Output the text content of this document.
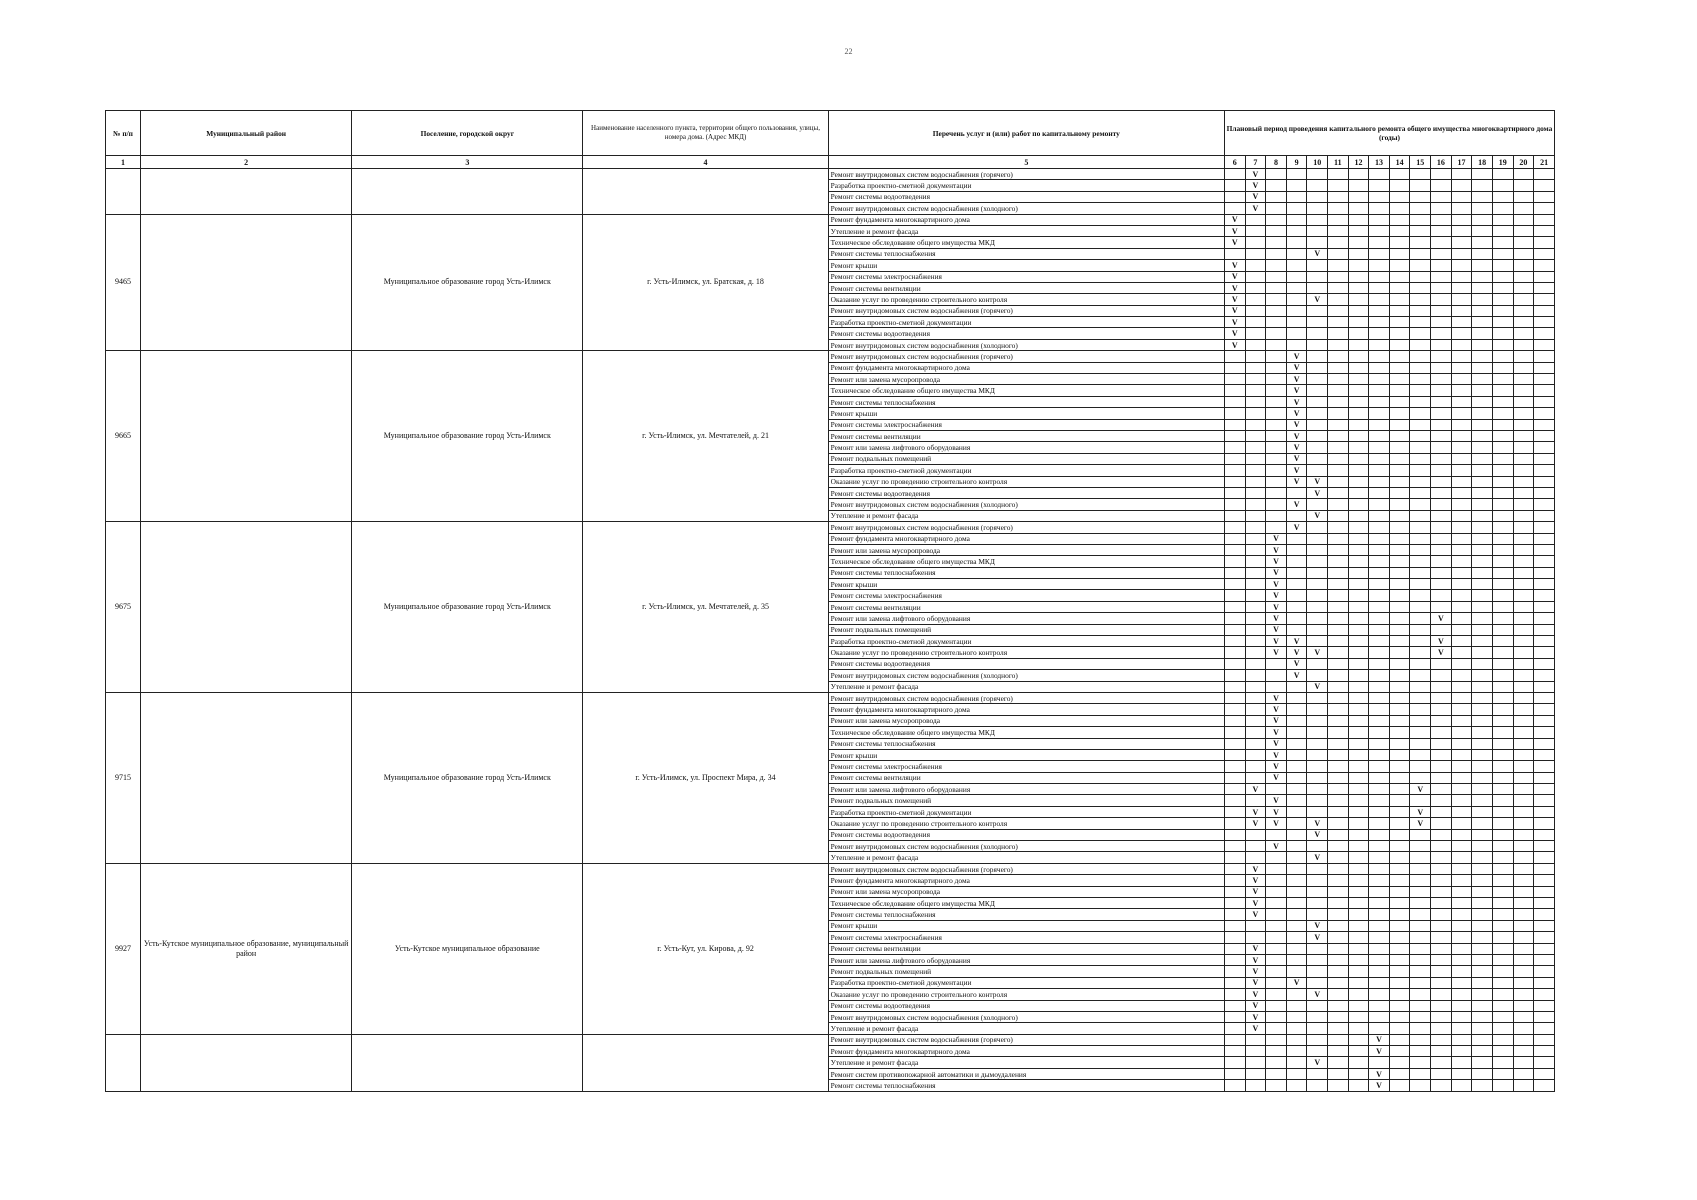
22
№ п/п	Муниципальный район	Поселение, городской округ	Наименование населенного пункта, территории общего пользования, улицы, номера дома. (Адрес МКД)	Перечень услуг и (или) работ по капитальному ремонту	Плановый период проведения капитального ремонта общего имущества многоквартирного дома (годы)															
1	2	3	4	5	6	7	8	9	10	11	12	13	14	15	16	17	18	19	20	21
				Ремонт внутридомовых систем водоснабжения (горячего)		V														
				Разработка проектно-сметной документации		V														
				Ремонт системы водоотведения		V														
				Ремонт внутридомовых систем водоснабжения (холодного)		V														
9465		Муниципальное образование город Усть-Илимск	г. Усть-Илимск, ул. Братская, д. 18	Ремонт фундамента многоквартирного дома	V															
				Утепление и ремонт фасада	V															
				Техническое обследование общего имущества МКД	V															
				Ремонт системы теплоснабжения					V											
				Ремонт крыши	V															
				Ремонт системы электроснабжения	V															
				Ремонт системы вентиляции	V															
				Оказание услуг по проведению строительного контроля	V				V											
				Ремонт внутридомовых систем водоснабжения (горячего)	V															
				Разработка проектно-сметной документации	V															
				Ремонт системы водоотведения	V															
				Ремонт внутридомовых систем водоснабжения (холодного)	V															
9665		Муниципальное образование город Усть-Илимск	г. Усть-Илимск, ул. Мечтателей, д. 21	Ремонт внутридомовых систем водоснабжения (горячего)				V												
				Ремонт фундамента многоквартирного дома				V												
				Ремонт или замена мусоропровода				V												
				Техническое обследование общего имущества МКД				V												
				Ремонт системы теплоснабжения				V												
				Ремонт крыши				V												
				Ремонт системы электроснабжения				V												
				Ремонт системы вентиляции				V												
				Ремонт или замена лифтового оборудования				V												
				Ремонт подвальных помещений				V												
				Разработка проектно-сметной документации				V												
				Оказание услуг по проведению строительного контроля				V	V											
				Ремонт системы водоотведения					V											
				Ремонт внутридомовых систем водоснабжения (холодного)				V												
				Утепление и ремонт фасада					V											
9675		Муниципальное образование город Усть-Илимск	г. Усть-Илимск, ул. Мечтателей, д. 35	Ремонт внутридомовых систем водоснабжения (горячего)				V												
				Ремонт фундамента многоквартирного дома			V													
				Ремонт или замена мусоропровода			V													
				Техническое обследование общего имущества МКД			V													
				Ремонт системы теплоснабжения			V													
				Ремонт крыши			V													
				Ремонт системы электроснабжения			V													
				Ремонт системы вентиляции			V													
				Ремонт или замена лифтового оборудования			V								V					
				Ремонт подвальных помещений			V													
				Разработка проектно-сметной документации			V	V							V					
				Оказание услуг по проведению строительного контроля			V	V	V						V					
				Ремонт системы водоотведения				V												
				Ремонт внутридомовых систем водоснабжения (холодного)				V												
				Утепление и ремонт фасада					V											
9715		Муниципальное образование город Усть-Илимск	г. Усть-Илимск, ул. Проспект Мира, д. 34	Ремонт внутридомовых систем водоснабжения (горячего)			V													
				Ремонт фундамента многоквартирного дома			V													
				Ремонт или замена мусоропровода			V													
				Техническое обследование общего имущества МКД			V													
				Ремонт системы теплоснабжения			V													
				Ремонт крыши			V													
				Ремонт системы электроснабжения			V													
				Ремонт системы вентиляции			V													
				Ремонт или замена лифтового оборудования		V								V						
				Ремонт подвальных помещений			V													
				Разработка проектно-сметной документации		V	V							V						
				Оказание услуг по проведению строительного контроля		V	V		V					V						
				Ремонт системы водоотведения					V											
				Ремонт внутридомовых систем водоснабжения (холодного)			V													
				Утепление и ремонт фасада					V											
9927	Усть-Кутское муниципальное образование, муниципальный район	Усть-Кутское муниципальное образование	г. Усть-Кут, ул. Кирова, д. 92	Ремонт внутридомовых систем водоснабжения (горячего)		V														
				Ремонт фундамента многоквартирного дома		V														
				Ремонт или замена мусоропровода		V														
				Техническое обследование общего имущества МКД		V														
				Ремонт системы теплоснабжения		V														
				Ремонт крыши					V											
				Ремонт системы электроснабжения					V											
				Ремонт системы вентиляции		V														
				Ремонт или замена лифтового оборудования		V														
				Ремонт подвальных помещений		V														
				Разработка проектно-сметной документации		V		V												
				Оказание услуг по проведению строительного контроля		V			V											
				Ремонт системы водоотведения		V														
				Ремонт внутридомовых систем водоснабжения (холодного)		V														
				Утепление и ремонт фасада		V														
				Ремонт внутридомовых систем водоснабжения (горячего)								V								
				Ремонт фундамента многоквартирного дома								V								
				Утепление и ремонт фасада					V											
				Ремонт систем противопожарной автоматики и дымоудаления								V								
				Ремонт системы теплоснабжения								V								
